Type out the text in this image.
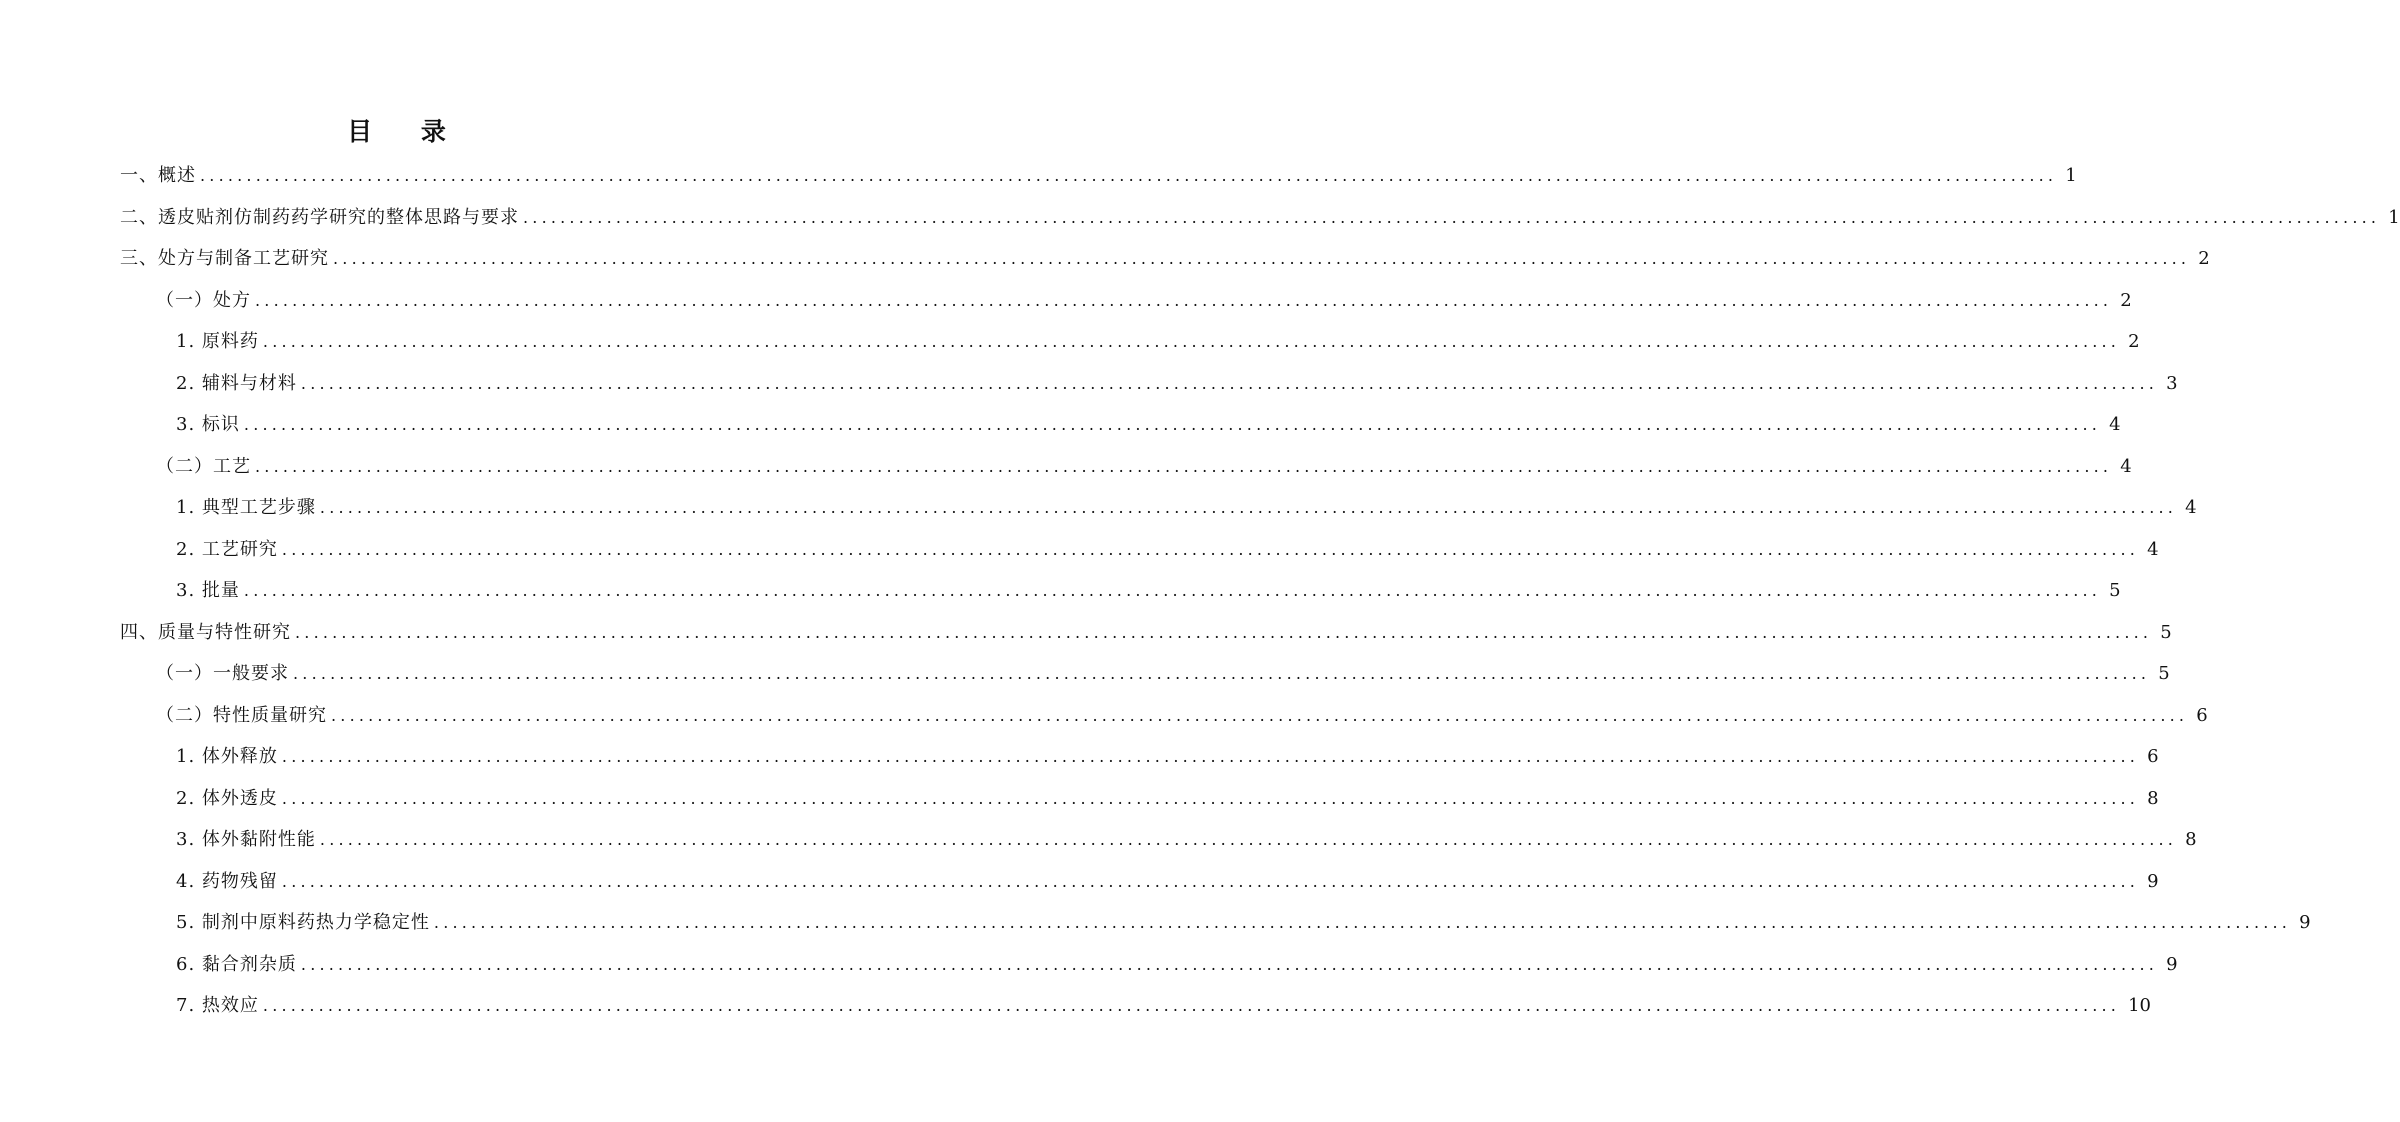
目 录
一、概述 ........................................................................................................................................................................................................ 1
二、透皮贴剂仿制药药学研究的整体思路与要求 ........................................................................................................................................................................................................ 1
三、处方与制备工艺研究 ........................................................................................................................................................................................................ 2
（一）处方 ........................................................................................................................................................................................................ 2
1. 原料药 ........................................................................................................................................................................................................ 2
2. 辅料与材料 ........................................................................................................................................................................................................ 3
3. 标识 ........................................................................................................................................................................................................ 4
（二）工艺 ........................................................................................................................................................................................................ 4
1. 典型工艺步骤 ........................................................................................................................................................................................................ 4
2. 工艺研究 ........................................................................................................................................................................................................ 4
3. 批量 ........................................................................................................................................................................................................ 5
四、质量与特性研究 ........................................................................................................................................................................................................ 5
（一）一般要求 ........................................................................................................................................................................................................ 5
（二）特性质量研究 ........................................................................................................................................................................................................ 6
1. 体外释放 ........................................................................................................................................................................................................ 6
2. 体外透皮 ........................................................................................................................................................................................................ 8
3. 体外黏附性能 ........................................................................................................................................................................................................ 8
4. 药物残留 ........................................................................................................................................................................................................ 9
5. 制剂中原料药热力学稳定性 ........................................................................................................................................................................................................ 9
6. 黏合剂杂质 ........................................................................................................................................................................................................ 9
7. 热效应 ........................................................................................................................................................................................................ 10
